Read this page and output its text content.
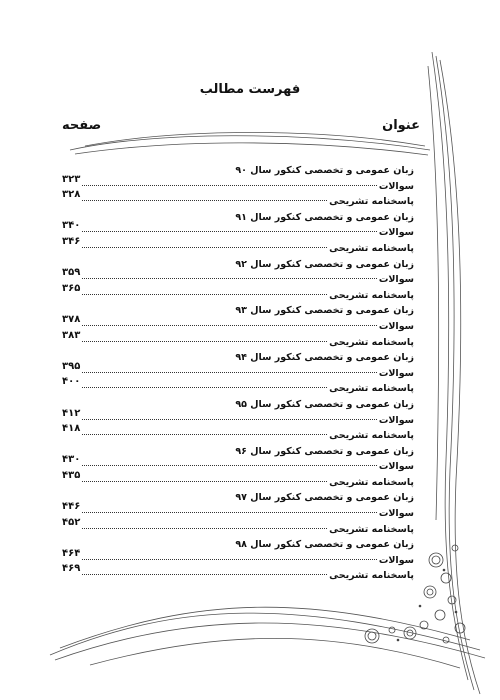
فهرست مطالب
عنوان
صفحه
زبان عمومی و تخصصی کنکور سال ۹۰
سوالات
۳۲۳
پاسخنامه تشریحی
۳۲۸
زبان عمومی و تخصصی کنکور سال ۹۱
سوالات
۳۴۰
پاسخنامه تشریحی
۳۴۶
زبان عمومی و تخصصی کنکور سال ۹۲
سوالات
۳۵۹
پاسخنامه تشریحی
۳۶۵
زبان عمومی و تخصصی کنکور سال ۹۳
سوالات
۳۷۸
پاسخنامه تشریحی
۳۸۳
زبان عمومی و تخصصی کنکور سال ۹۴
سوالات
۳۹۵
پاسخنامه تشریحی
۴۰۰
زبان عمومی و تخصصی کنکور سال ۹۵
سوالات
۴۱۲
پاسخنامه تشریحی
۴۱۸
زبان عمومی و تخصصی کنکور سال ۹۶
سوالات
۴۳۰
پاسخنامه تشریحی
۴۳۵
زبان عمومی و تخصصی کنکور سال ۹۷
سوالات
۴۴۶
پاسخنامه تشریحی
۴۵۲
زبان عمومی و تخصصی کنکور سال ۹۸
سوالات
۴۶۴
پاسخنامه تشریحی
۴۶۹
